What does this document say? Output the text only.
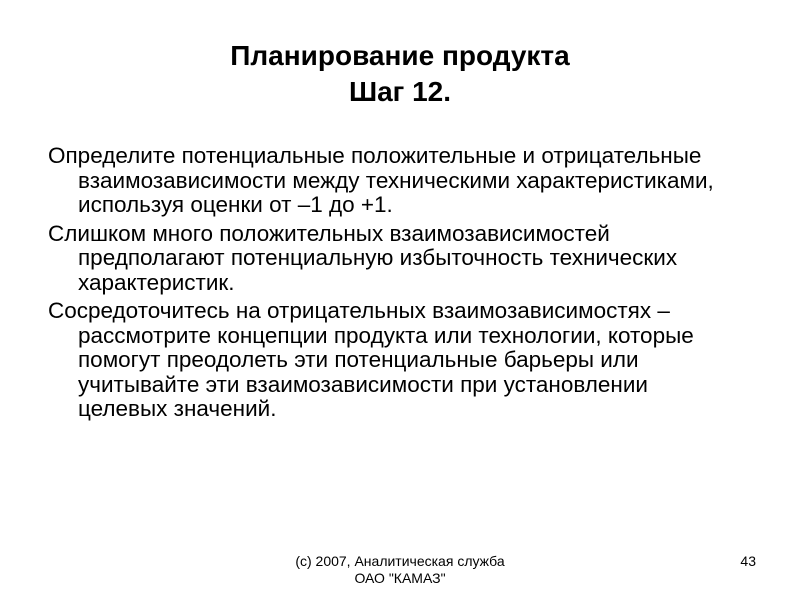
Планирование продукта
Шаг 12.
Определите потенциальные положительные и отрицательные взаимозависимости между техническими характеристиками, используя оценки от –1 до +1.
Слишком много положительных взаимозависимостей предполагают потенциальную избыточность технических характеристик.
Сосредоточитесь на отрицательных взаимозависимостях – рассмотрите концепции продукта или технологии, которые помогут преодолеть эти потенциальные барьеры или учитывайте эти взаимозависимости при установлении целевых значений.
(c) 2007, Аналитическая служба
ОАО "КАМАЗ"
43
